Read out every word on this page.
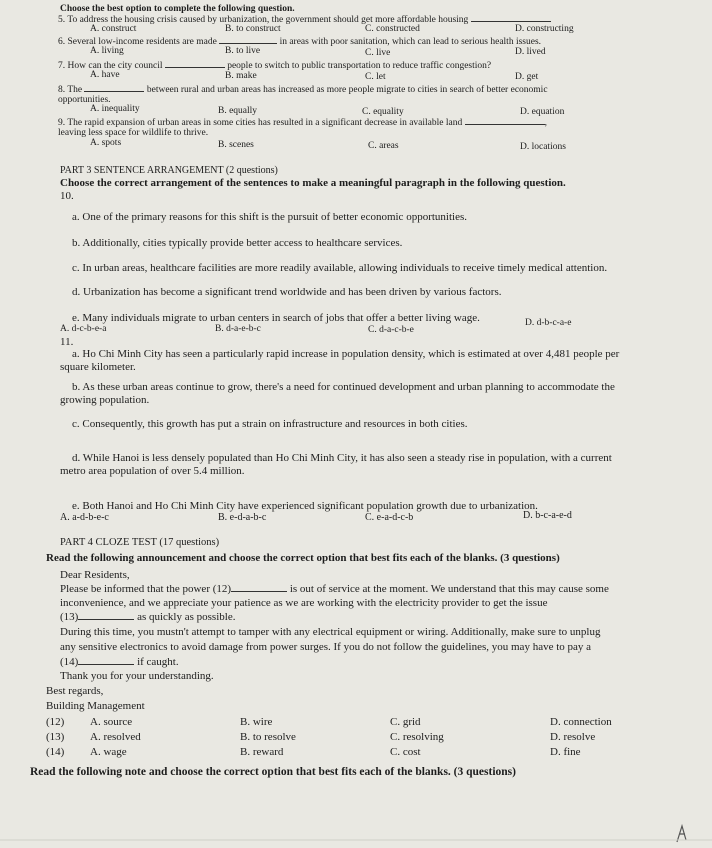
Choose the best option to complete the following question.
5. To address the housing crisis caused by urbanization, the government should get more affordable housing
A. construct	B. to construct	C. constructed	D. constructing
6. Several low-income residents are made	in areas with poor sanitation, which can lead to serious health issues.
A. living	B. to live	C. live	D. lived
7. How can the city council	people to switch to public transportation to reduce traffic congestion?
A. have	B. make	C. let	D. get
8. The	between rural and urban areas has increased as more people migrate to cities in search of better economic
opportunities.
A. inequality	B. equally	C. equality	D. equation
9. The rapid expansion of urban areas in some cities has resulted in a significant decrease in available land	,
leaving less space for wildlife to thrive.
A. spots	B. scenes	C. areas	D. locations
PART 3 SENTENCE ARRANGEMENT (2 questions)
Choose the correct arrangement of the sentences to make a meaningful paragraph in the following question.
10.
a. One of the primary reasons for this shift is the pursuit of better economic opportunities.
b. Additionally, cities typically provide better access to healthcare services.
c. In urban areas, healthcare facilities are more readily available, allowing individuals to receive timely medical attention.
d. Urbanization has become a significant trend worldwide and has been driven by various factors.
e. Many individuals migrate to urban centers in search of jobs that offer a better living wage.
A. d-c-b-e-a	B. d-a-e-b-c	C. d-a-c-b-e
D. d-b-c-a-e
11.
a. Ho Chi Minh City has seen a particularly rapid increase in population density, which is estimated at over 4,481 people per
square kilometer.
b. As these urban areas continue to grow, there's a need for continued development and urban planning to accommodate the
growing population.
c. Consequently, this growth has put a strain on infrastructure and resources in both cities.
d. While Hanoi is less densely populated than Ho Chi Minh City, it has also seen a steady rise in population, with a current
metro area population of over 5.4 million.
e. Both Hanoi and Ho Chi Minh City have experienced significant population growth due to urbanization.
A. a-d-b-e-c	B. e-d-a-b-c	C. e-a-d-c-b	D. b-c-a-e-d
PART 4 CLOZE TEST (17 questions)
Read the following announcement and choose the correct option that best fits each of the blanks. (3 questions)
Dear Residents,
Please be informed that the power (12)	is out of service at the moment. We understand that this may cause some
inconvenience, and we appreciate your patience as we are working with the electricity provider to get the issue
(13)	as quickly as possible.
During this time, you mustn't attempt to tamper with any electrical equipment or wiring. Additionally, make sure to unplug
any sensitive electronics to avoid damage from power surges. If you do not follow the guidelines, you may have to pay a
(14)	if caught.
Thank you for your understanding.
Best regards,
Building Management
(12) A. source	B. wire	C. grid	D. connection
(13) A. resolved	B. to resolve	C. resolving	D. resolve
(14) A. wage	B. reward	C. cost	D. fine
Read the following note and choose the correct option that best fits each of the blanks. (3 questions)
